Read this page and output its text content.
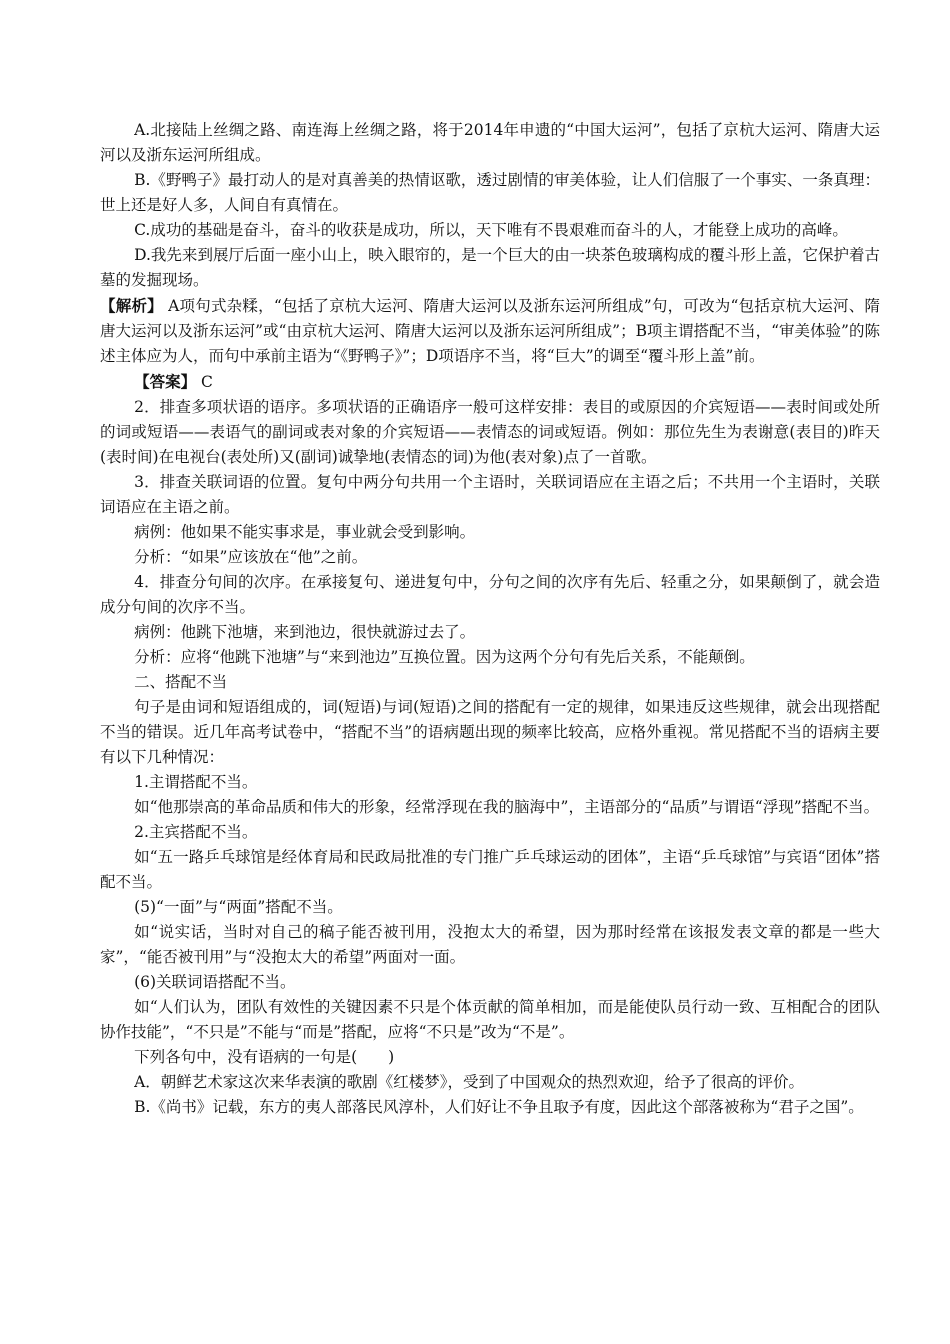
A.北接陆上丝绸之路、南连海上丝绸之路，将于2014年申遗的“中国大运河”，包括了京杭大运河、隋唐大运河以及浙东运河所组成。

B.《野鸭子》最打动人的是对真善美的热情讴歌，透过剧情的审美体验，让人们信服了一个事实、一条真理：世上还是好人多，人间自有真情在。

C.成功的基础是奋斗，奋斗的收获是成功，所以，天下唯有不畏艰难而奋斗的人，才能登上成功的高峰。

D.我先来到展厅后面一座小山上，映入眼帘的，是一个巨大的由一块茶色玻璃构成的覆斗形上盖，它保护着古墓的发掘现场。

【解析】 A项句式杂糅，“包括了京杭大运河、隋唐大运河以及浙东运河所组成”句，可改为“包括京杭大运河、隋唐大运河以及浙东运河”或“由京杭大运河、隋唐大运河以及浙东运河所组成”；B项主谓搭配不当，“审美体验”的陈述主体应为人，而句中承前主语为“《野鸭子》”；D项语序不当，将“巨大”的调至“覆斗形上盖”前。

【答案】 C

2．排查多项状语的语序。多项状语的正确语序一般可这样安排：表目的或原因的介宾短语——表时间或处所的词或短语——表语气的副词或表对象的介宾短语——表情态的词或短语。例如：那位先生为表谢意(表目的)昨天(表时间)在电视台(表处所)又(副词)诚挚地(表情态的词)为他(表对象)点了一首歌。

3．排查关联词语的位置。复句中两分句共用一个主语时，关联词语应在主语之后；不共用一个主语时，关联词语应在主语之前。

病例：他如果不能实事求是，事业就会受到影响。

分析：“如果”应该放在“他”之前。

4．排查分句间的次序。在承接复句、递进复句中，分句之间的次序有先后、轻重之分，如果颠倒了，就会造成分句间的次序不当。

病例：他跳下池塘，来到池边，很快就游过去了。

分析：应将“他跳下池塘”与“来到池边”互换位置。因为这两个分句有先后关系，不能颠倒。

二、搭配不当

句子是由词和短语组成的，词(短语)与词(短语)之间的搭配有一定的规律，如果违反这些规律，就会出现搭配不当的错误。近几年高考试卷中，“搭配不当”的语病题出现的频率比较高，应格外重视。常见搭配不当的语病主要有以下几种情况：

1.主谓搭配不当。

如“他那崇高的革命品质和伟大的形象，经常浮现在我的脑海中”，主语部分的“品质”与谓语“浮现”搭配不当。

2.主宾搭配不当。

如“五一路乒乓球馆是经体育局和民政局批准的专门推广乒乓球运动的团体”，主语“乒乓球馆”与宾语“团体”搭配不当。

(5)“一面”与“两面”搭配不当。

如“说实话，当时对自己的稿子能否被刊用，没抱太大的希望，因为那时经常在该报发表文章的都是一些大家”，“能否被刊用”与“没抱太大的希望”两面对一面。

(6)关联词语搭配不当。

如“人们认为，团队有效性的关键因素不只是个体贡献的简单相加，而是能使队员行动一致、互相配合的团队协作技能”，“不只是”不能与“而是”搭配，应将“不只是”改为“不是”。

下列各句中，没有语病的一句是(　　)

A．朝鲜艺术家这次来华表演的歌剧《红楼梦》，受到了中国观众的热烈欢迎，给予了很高的评价。

B.《尚书》记载，东方的夷人部落民风淳朴，人们好让不争且取予有度，因此这个部落被称为“君子之国”。
